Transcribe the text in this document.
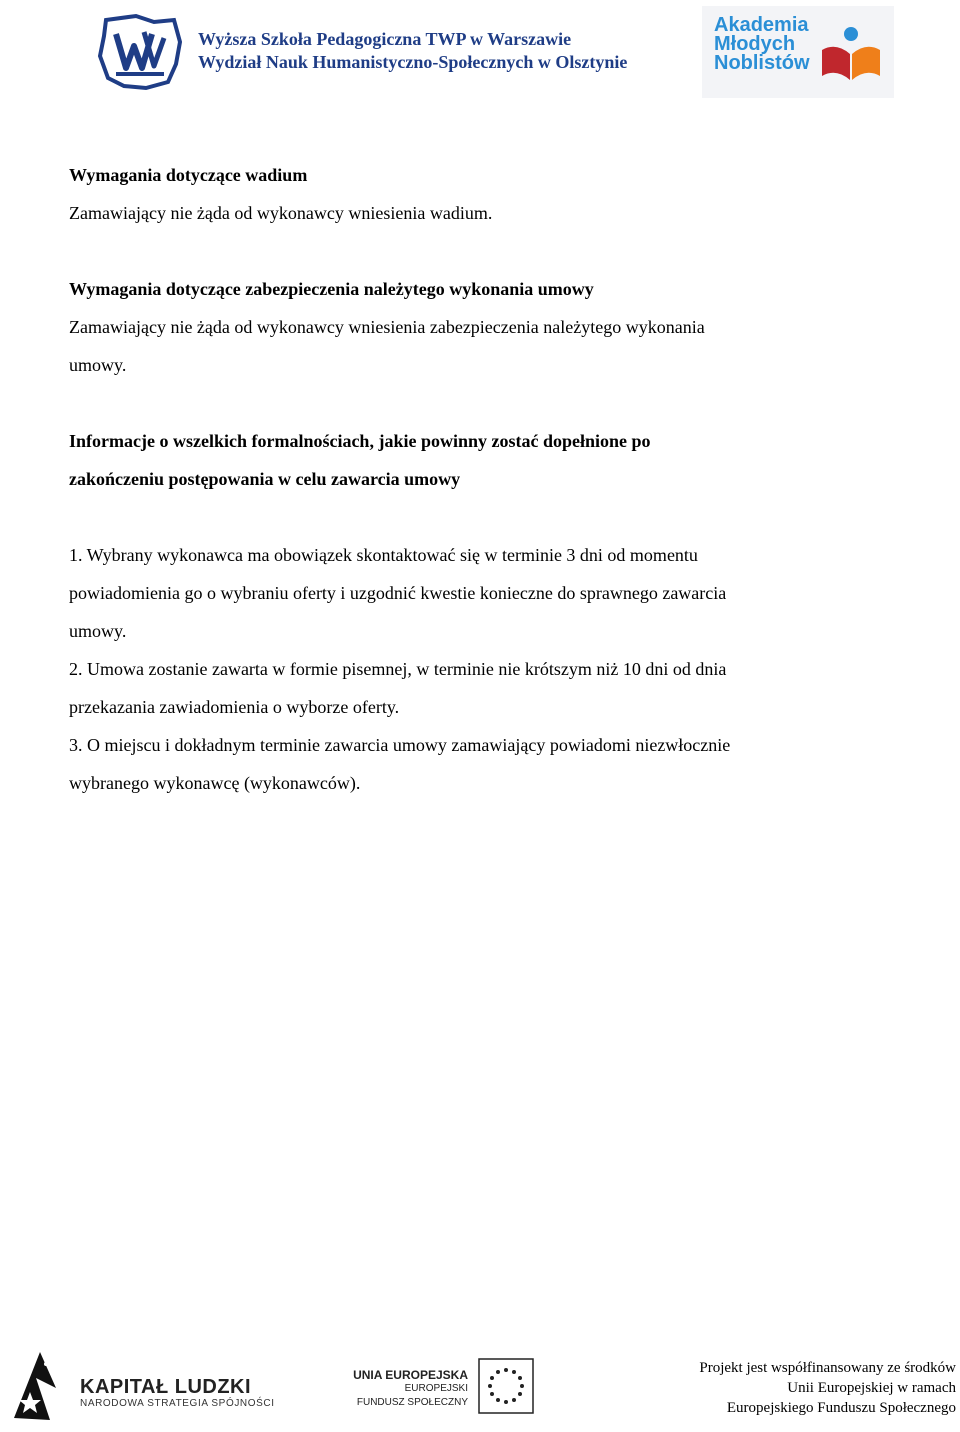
Wyższa Szkoła Pedagogiczna TWP w Warszawie
Wydział Nauk Humanistyczno-Społecznych w Olsztynie
Akademia
Młodych
Noblistów
Wymagania dotyczące wadium
Zamawiający nie żąda od wykonawcy wniesienia wadium.
Wymagania dotyczące zabezpieczenia należytego wykonania umowy
Zamawiający nie żąda od wykonawcy wniesienia zabezpieczenia należytego wykonania
umowy.
Informacje o wszelkich formalnościach, jakie powinny zostać dopełnione po
zakończeniu postępowania w celu zawarcia umowy
1. Wybrany wykonawca ma obowiązek skontaktować się w terminie 3 dni od momentu
powiadomienia go o wybraniu oferty i uzgodnić kwestie konieczne do sprawnego zawarcia
umowy.
2. Umowa zostanie zawarta w formie pisemnej, w terminie nie krótszym niż 10 dni od dnia
przekazania zawiadomienia o wyborze oferty.
3. O miejscu i dokładnym terminie zawarcia umowy zamawiający powiadomi niezwłocznie
wybranego wykonawcę (wykonawców).
KAPITAŁ LUDZKI
NARODOWA STRATEGIA SPÓJNOŚCI
UNIA EUROPEJSKA
EUROPEJSKI
FUNDUSZ SPOŁECZNY
Projekt jest współfinansowany ze środków
Unii Europejskiej w ramach
Europejskiego Funduszu Społecznego
